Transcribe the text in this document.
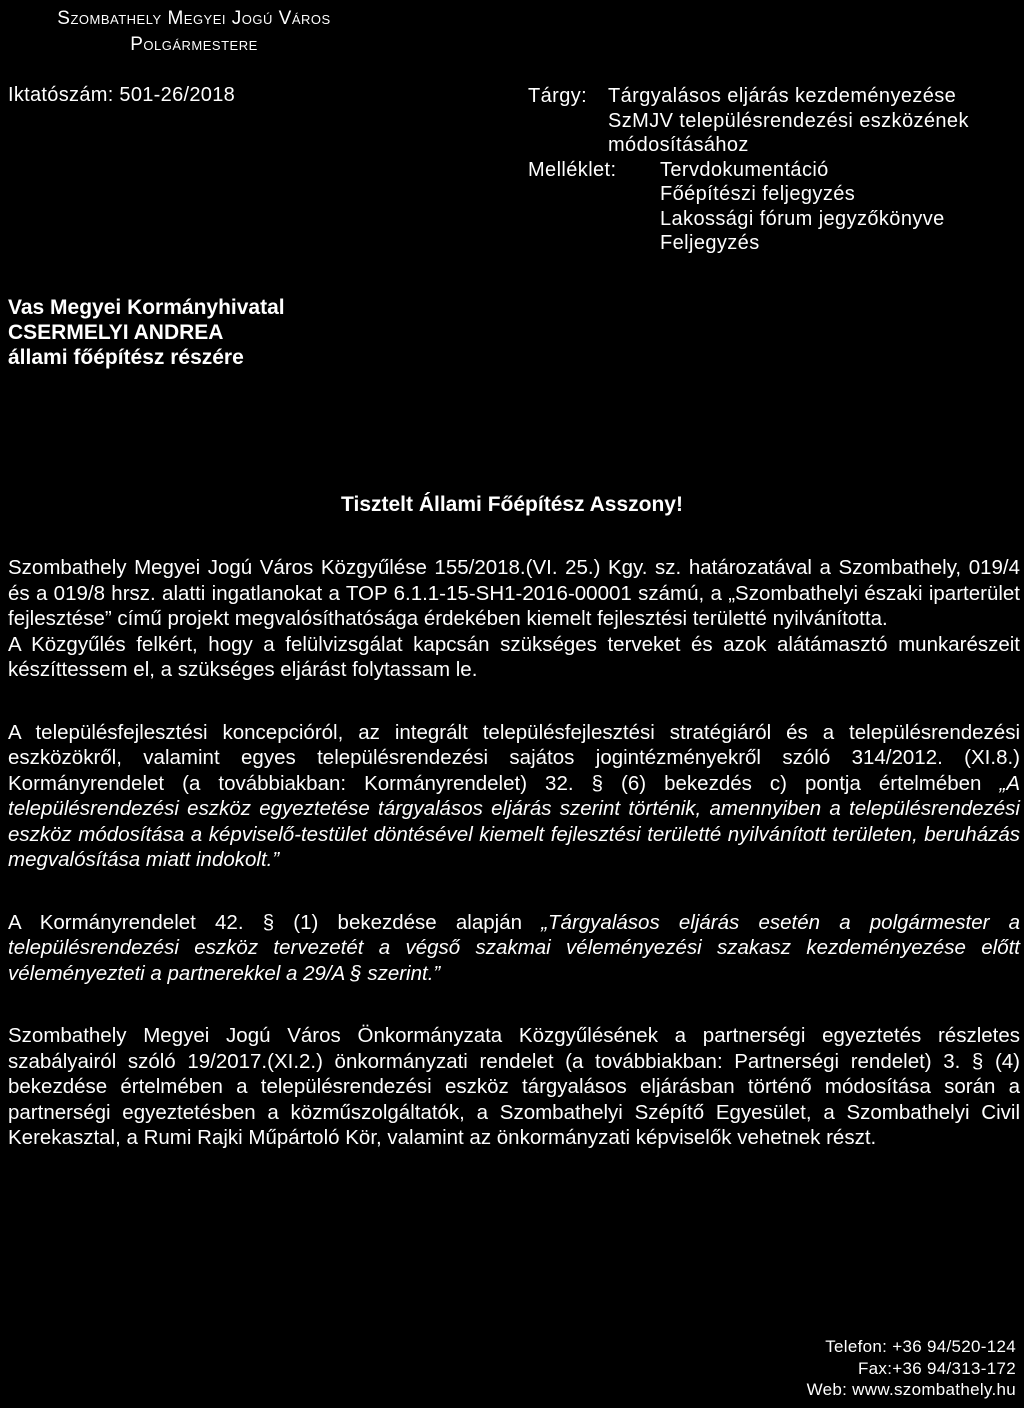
Szombathely Megyei Jogú Város
Polgármestere
Iktatószám: 501-26/2018	Tárgy:	Tárgyalásos eljárás kezdeményezése
SzMJV településrendezési eszközének
módosításához
Melléklet:	Tervdokumentáció
Főépítészi feljegyzés
Lakossági fórum jegyzőkönyve
Feljegyzés
Vas Megyei Kormányhivatal
CSERMELYI ANDREA
állami főépítész részére
Tisztelt Állami Főépítész Asszony!

Szombathely Megyei Jogú Város Közgyűlése 155/2018.(VI. 25.) Kgy. sz. határozatával a Szombathely, 019/4 és a 019/8 hrsz. alatti ingatlanokat a TOP 6.1.1-15-SH1-2016-00001 számú, a „Szombathelyi északi iparterület fejlesztése” című projekt megvalósíthatósága érdekében kiemelt fejlesztési területté nyilvánította.

A Közgyűlés felkért, hogy a felülvizsgálat kapcsán szükséges terveket és azok alátámasztó munkarészeit készíttessem el, a szükséges eljárást folytassam le.

A településfejlesztési koncepcióról, az integrált településfejlesztési stratégiáról és a településrendezési eszközökről, valamint egyes településrendezési sajátos jogintézményekről szóló 314/2012. (XI.8.) Kormányrendelet (a továbbiakban: Kormányrendelet) 32. § (6) bekezdés c) pontja értelmében „A településrendezési eszköz egyeztetése tárgyalásos eljárás szerint történik, amennyiben a településrendezési eszköz módosítása a képviselő-testület döntésével kiemelt fejlesztési területté nyilvánított területen, beruházás megvalósítása miatt indokolt.”

A Kormányrendelet 42. § (1) bekezdése alapján „Tárgyalásos eljárás esetén a polgármester a településrendezési eszköz tervezetét a végső szakmai véleményezési szakasz kezdeményezése előtt véleményezteti a partnerekkel a 29/A § szerint.”

Szombathely Megyei Jogú Város Önkormányzata Közgyűlésének a partnerségi egyeztetés részletes szabályairól szóló 19/2017.(XI.2.) önkormányzati rendelet (a továbbiakban: Partnerségi rendelet) 3. § (4) bekezdése értelmében a településrendezési eszköz tárgyalásos eljárásban történő módosítása során a partnerségi egyeztetésben a közműszolgáltatók, a Szombathelyi Szépítő Egyesület, a Szombathelyi Civil Kerekasztal, a Rumi Rajki Műpártoló Kör, valamint az önkormányzati képviselők vehetnek részt.

Telefon: +36 94/520-124
Fax:+36 94/313-172
Web: www.szombathely.hu
